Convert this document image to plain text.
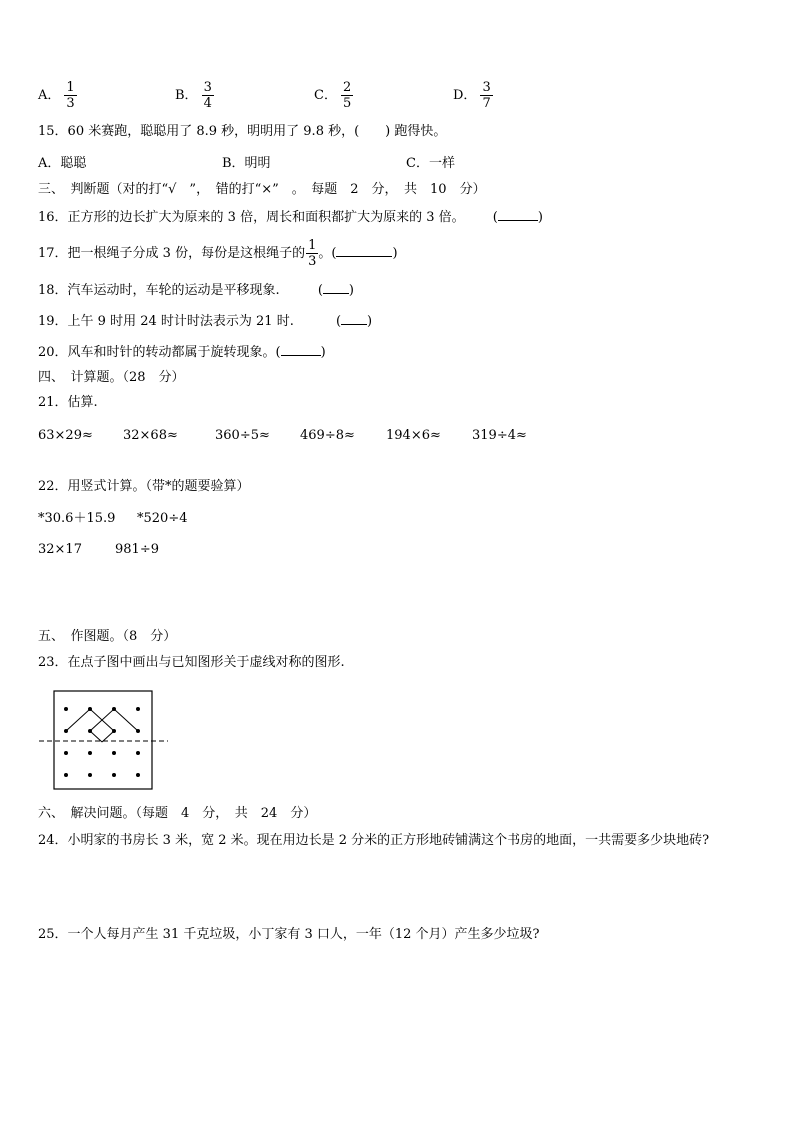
A． $\frac{1}{3}$	B． $\frac{3}{4}$	C． $\frac{2}{5}$	D． $\frac{3}{7}$
15．60 米赛跑，聪聪用了 8.9 秒，明明用了 9.8 秒，(　　) 跑得快。
A．聪聪	B．明明	C．一样
三、　判断题（对的打“√　”，　错的打“×”　。　每题　2　分，　共　10　分）
16．正方形的边长扩大为原来的 3 倍，周长和面积都扩大为原来的 3 倍。 (	)
17．把一根绳子分成 3 份，每份是这根绳子的 $\frac{1}{3}$ 。(	)
18．汽车运动时，车轮的运动是平移现象.	( )
19．上午 9 时用 24 时计时法表示为 21 时.	( )
20．风车和时针的转动都属于旋转现象。(	)
四、　计算题。（28　分）
21．估算.
63×29≈ 32×68≈	360÷5≈ 469÷8≈ 194×6≈ 319÷4≈
22．用竖式计算。（带*的题要验算）
*30.6＋15.9 *520÷4
32×17	981÷9
五、　作图题。（8　分）
23．在点子图中画出与已知图形关于虚线对称的图形.
六、　解决问题。（每题　4　分，　共　24　分）
24．小明家的书房长 3 米，宽 2 米。现在用边长是 2 分米的正方形地砖铺满这个书房的地面，一共需要多少块地砖?
25．一个人每月产生 31 千克垃圾，小丁家有 3 口人，一年（12 个月）产生多少垃圾?
